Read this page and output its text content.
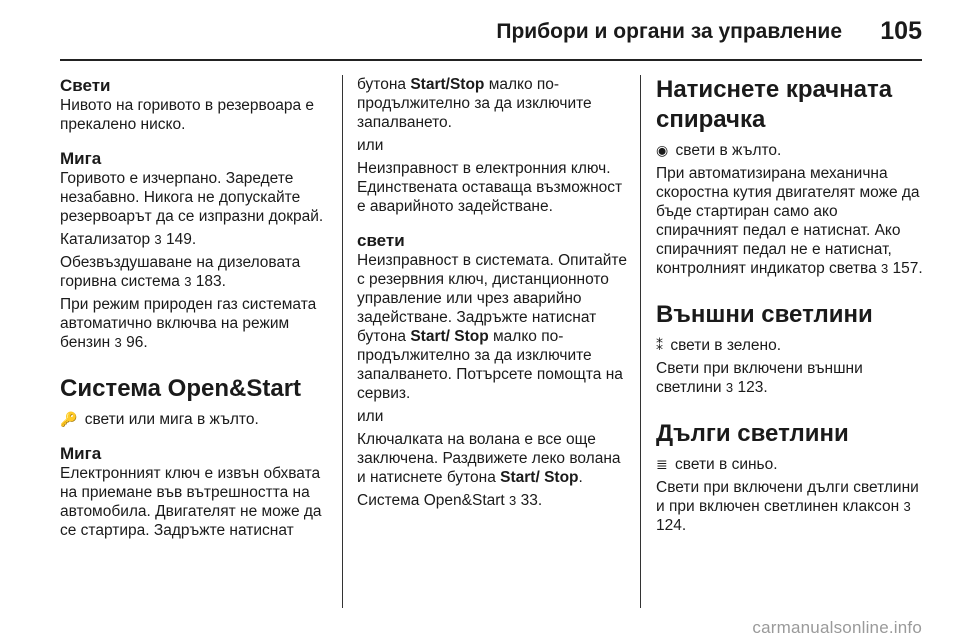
Прибори и органи за управление 105
Свети

Нивото на горивото в резервоара е прекалено ниско.

Мига

Горивото е изчерпано. Заредете незабавно. Никога не допускайте резервоарът да се изпразни докрай.

Катализатор 3 149.

Обезвъздушаване на дизеловата горивна система 3 183.

При режим природен газ системата автоматично включва на режим бензин 3 96.

Система Open&Start

🔑 свети или мига в жълто.

Мига

Електронният ключ е извън обхвата на приемане във вътрешността на автомобила. Двигателят не може да се стартира. Задръжте натиснат

бутона Start/Stop малко по-продължително за да изключите запалването.

или

Неизправност в електронния ключ. Единствената оставаща възможност е аварийното задействане.

свети

Неизправност в системата. Опитайте с резервния ключ, дистанционното управление или чрез аварийно задействане. Задръжте натиснат бутона Start/ Stop малко по-продължително за да изключите запалването. Потърсете помощта на сервиз.

или

Ключалката на волана е все още заключена. Раздвижете леко волана и натиснете бутона Start/ Stop.

Система Open&Start 3 33.

Натиснете крачната спирачка

◉ свети в жълто.

При автоматизирана механична скоростна кутия двигателят може да бъде стартиран само ако спирачният педал е натиснат. Ако спирачният педал не е натиснат, контролният индикатор светва 3 157.

Външни светлини

⁑ свети в зелено.

Свети при включени външни светлини 3 123.

Дълги светлини

≣ свети в синьо.

Свети при включени дълги светлини и при включен светлинен клаксон 3 124.

carmanualsonline.info
